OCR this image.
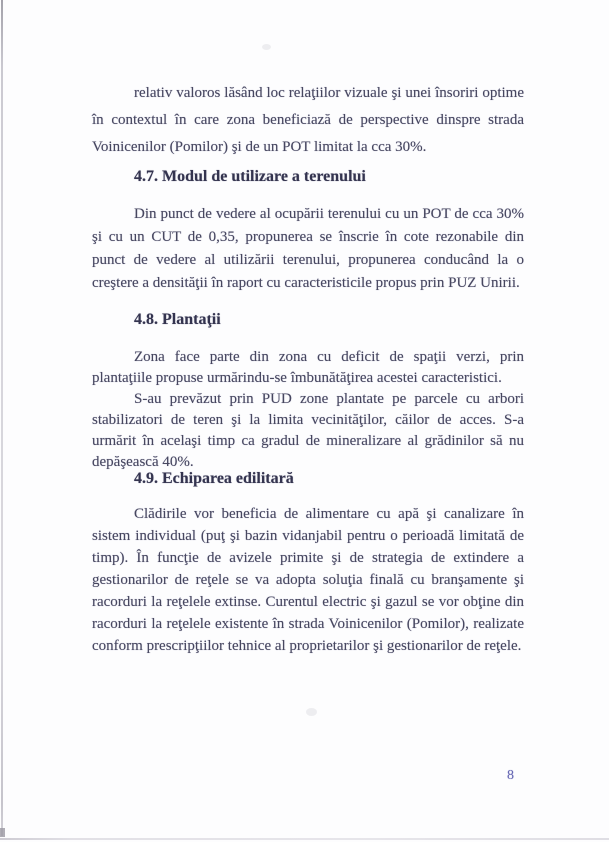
relativ valoros lăsând loc relaţiilor vizuale şi unei însoriri optime în contextul în care zona beneficiază de perspective dinspre strada Voinicenilor (Pomilor) şi de un POT limitat la cca 30%.

4.7. Modul de utilizare a terenului

Din punct de vedere al ocupării terenului cu un POT de cca 30% şi cu un CUT de 0,35, propunerea se înscrie în cote rezonabile din punct de vedere al utilizării terenului, propunerea conducând la o creştere a densităţii în raport cu caracteristicile propus prin PUZ Unirii.

4.8. Plantaţii

Zona face parte din zona cu deficit de spaţii verzi, prin plantaţiile propuse urmărindu-se îmbunătăţirea acestei caracteristici.

S-au prevăzut prin PUD zone plantate pe parcele cu arbori stabilizatori de teren şi la limita vecinităţilor, căilor de acces. S-a urmărit în acelaşi timp ca gradul de mineralizare al grădinilor să nu depăşească 40%.

4.9. Echiparea edilitară

Clădirile vor beneficia de alimentare cu apă şi canalizare în sistem individual (puţ şi bazin vidanjabil pentru o perioadă limitată de timp). În funcţie de avizele primite şi de strategia de extindere a gestionarilor de reţele se va adopta soluţia finală cu branşamente şi racorduri la reţelele extinse. Curentul electric şi gazul se vor obţine din racorduri la reţelele existente în strada Voinicenilor (Pomilor), realizate conform prescripţiilor tehnice al proprietarilor şi gestionarilor de reţele.

8
